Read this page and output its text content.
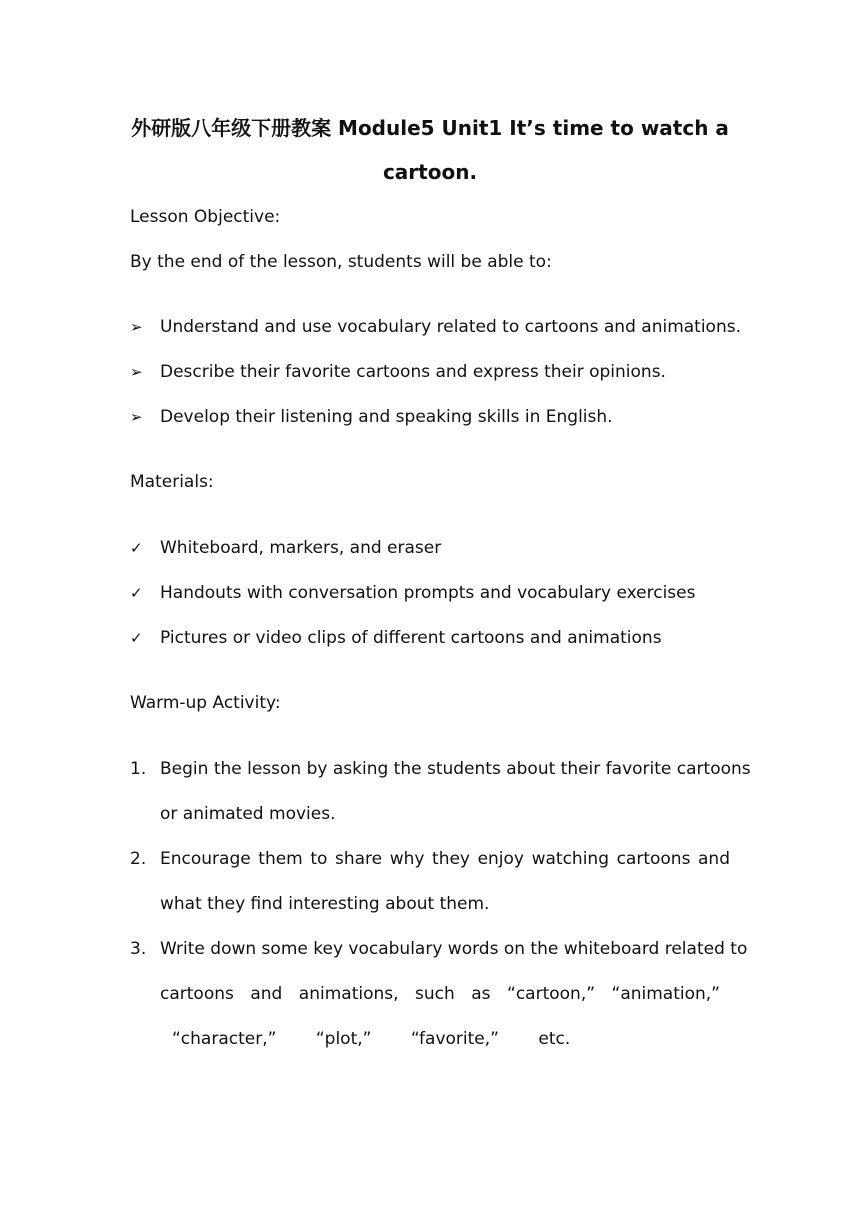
外研版八年级下册教案 Module5 Unit1 It’s time to watch a
cartoon.
Lesson Objective:
By the end of the lesson, students will be able to:
➢	Understand and use vocabulary related to cartoons and animations.
➢	Describe their favorite cartoons and express their opinions.
➢	Develop their listening and speaking skills in English.
Materials:
✓	Whiteboard, markers, and eraser
✓	Handouts with conversation prompts and vocabulary exercises
✓	Pictures or video clips of different cartoons and animations
Warm-up Activity:
1. Begin the lesson by asking the students about their favorite cartoons
or animated movies.
2. Encourage them to share why they enjoy watching cartoons and
what they find interesting about them.
3. Write down some key vocabulary words on the whiteboard related to
cartoons and animations, such as “cartoon,” “animation,”
“character,” “plot,” “favorite,” etc.
